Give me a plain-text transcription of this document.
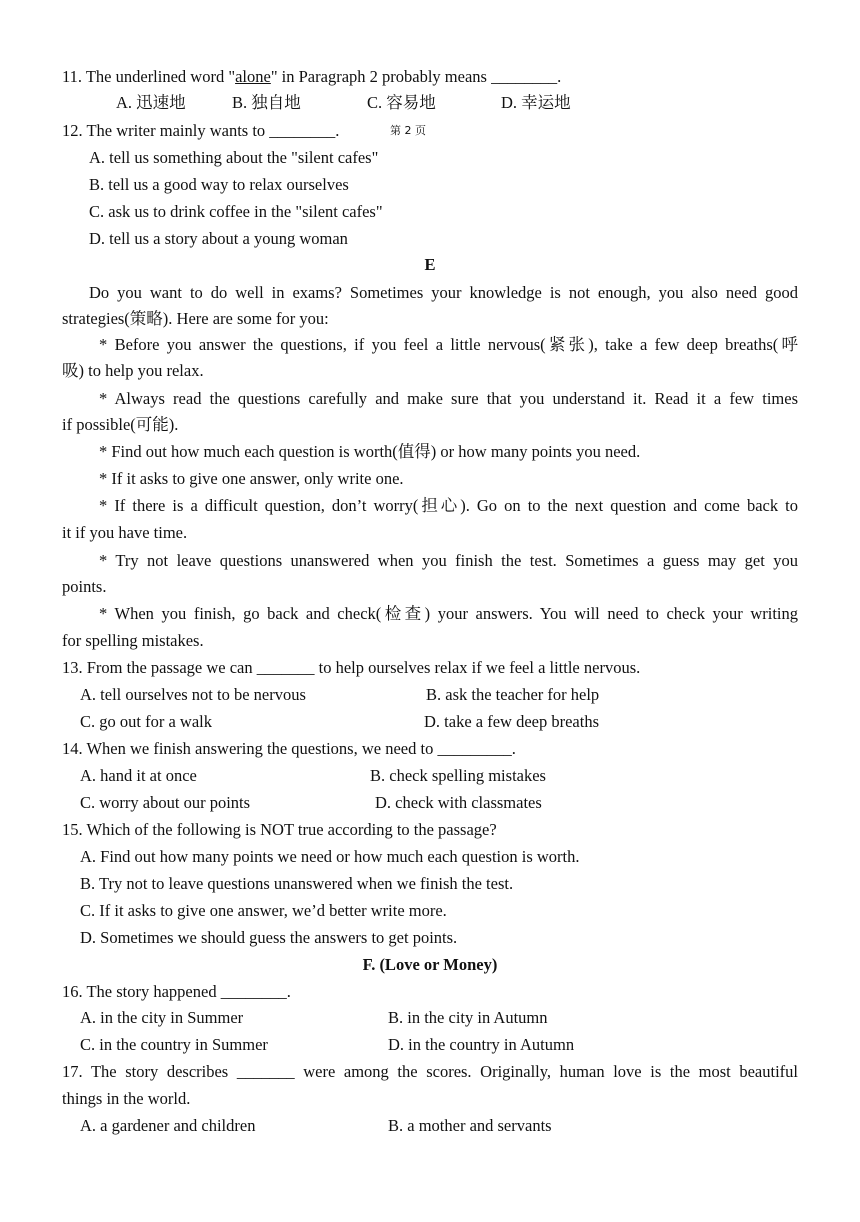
11. The underlined word "alone" in Paragraph 2 probably means ________.
A. 迅速地	B. 独自地	C. 容易地	D. 幸运地
12. The writer mainly wants to ________.	第 2 页
A. tell us something about the "silent cafes"
B. tell us a good way to relax ourselves
C. ask us to drink coffee in the "silent cafes"
D. tell us a story about a young woman
E
Do you want to do well in exams? Sometimes your knowledge is not enough, you also need good
strategies(策略). Here are some for you:
* Before you answer the questions, if you feel a little nervous(紧张), take a few deep breaths(呼
吸) to help you relax.
* Always read the questions carefully and make sure that you understand it. Read it a few times
if possible(可能).
* Find out how much each question is worth(值得) or how many points you need.
* If it asks to give one answer, only write one.
* If there is a difficult question, don’t worry(担心). Go on to the next question and come back to
it if you have time.
* Try not leave questions unanswered when you finish the test. Sometimes a guess may get you
points.
* When you finish, go back and check(检查) your answers. You will need to check your writing
for spelling mistakes.
13. From the passage we can _______ to help ourselves relax if we feel a little nervous.
A. tell ourselves not to be nervous	B. ask the teacher for help
C. go out for a walk	D. take a few deep breaths
14. When we finish answering the questions, we need to _________.
A. hand it at once	B. check spelling mistakes
C. worry about our points	D. check with classmates
15. Which of the following is NOT true according to the passage?
A. Find out how many points we need or how much each question is worth.
B. Try not to leave questions unanswered when we finish the test.
C. If it asks to give one answer, we’d better write more.
D. Sometimes we should guess the answers to get points.
F. (Love or Money)
16. The story happened ________.
A. in the city in Summer	B. in the city in Autumn
C. in the country in Summer	D. in the country in Autumn
17. The story describes _______ were among the scores. Originally, human love is the most beautiful
things in the world.
A. a gardener and children	B. a mother and servants
